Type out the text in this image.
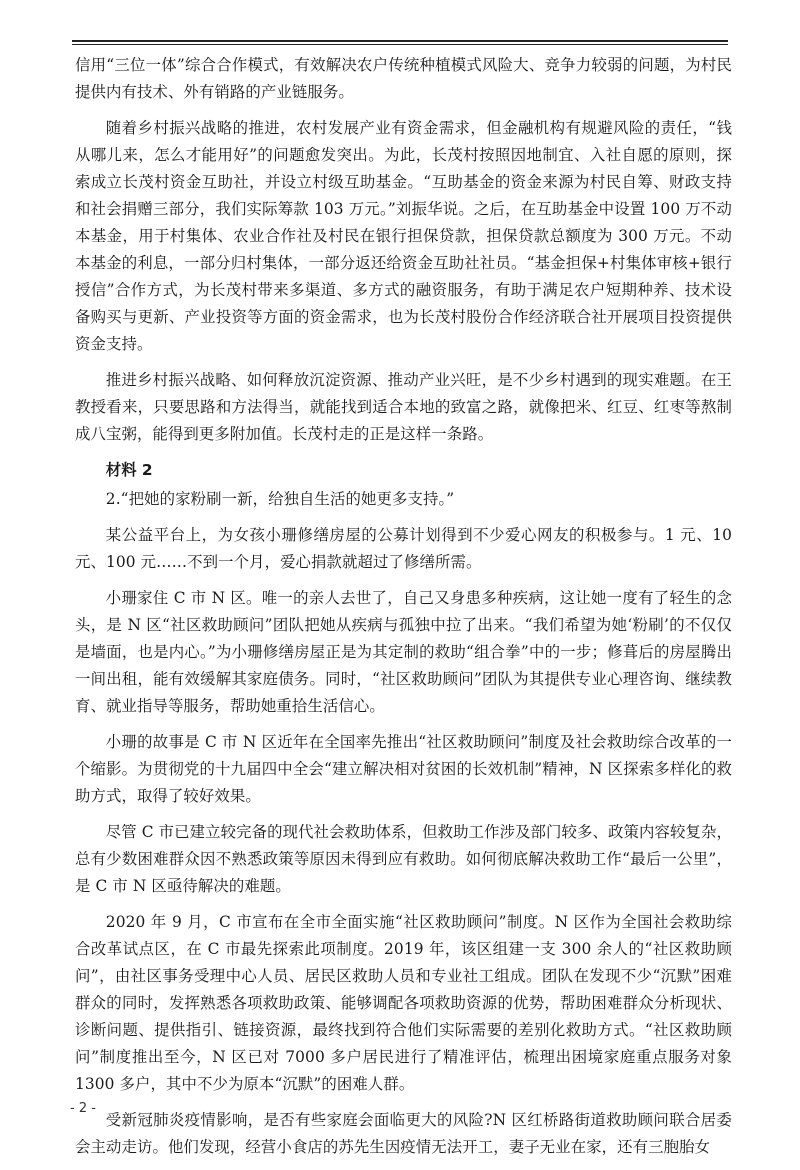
信用“三位一体”综合合作模式，有效解决农户传统种植模式风险大、竞争力较弱的问题，为村民提供内有技术、外有销路的产业链服务。

随着乡村振兴战略的推进，农村发展产业有资金需求，但金融机构有规避风险的责任，“钱从哪儿来，怎么才能用好”的问题愈发突出。为此，长茂村按照因地制宜、入社自愿的原则，探索成立长茂村资金互助社，并设立村级互助基金。“互助基金的资金来源为村民自筹、财政支持和社会捐赠三部分，我们实际筹款 103 万元。”刘振华说。之后，在互助基金中设置 100 万不动本基金，用于村集体、农业合作社及村民在银行担保贷款，担保贷款总额度为 300 万元。不动本基金的利息，一部分归村集体，一部分返还给资金互助社社员。“基金担保+村集体审核+银行授信”合作方式，为长茂村带来多渠道、多方式的融资服务，有助于满足农户短期种养、技术设备购买与更新、产业投资等方面的资金需求，也为长茂村股份合作经济联合社开展项目投资提供资金支持。

推进乡村振兴战略、如何释放沉淀资源、推动产业兴旺，是不少乡村遇到的现实难题。在王教授看来，只要思路和方法得当，就能找到适合本地的致富之路，就像把米、红豆、红枣等熬制成八宝粥，能得到更多附加值。长茂村走的正是这样一条路。

材料 2

2.“把她的家粉刷一新，给独自生活的她更多支持。”

某公益平台上，为女孩小珊修缮房屋的公募计划得到不少爱心网友的积极参与。1 元、10 元、100 元……不到一个月，爱心捐款就超过了修缮所需。

小珊家住 C 市 N 区。唯一的亲人去世了，自己又身患多种疾病，这让她一度有了轻生的念头，是 N 区“社区救助顾问”团队把她从疾病与孤独中拉了出来。“我们希望为她‘粉刷’的不仅仅是墙面，也是内心。”为小珊修缮房屋正是为其定制的救助“组合拳”中的一步；修葺后的房屋腾出一间出租，能有效缓解其家庭债务。同时，“社区救助顾问”团队为其提供专业心理咨询、继续教育、就业指导等服务，帮助她重拾生活信心。

小珊的故事是 C 市 N 区近年在全国率先推出“社区救助顾问”制度及社会救助综合改革的一个缩影。为贯彻党的十九届四中全会“建立解决相对贫困的长效机制”精神，N 区探索多样化的救助方式，取得了较好效果。

尽管 C 市已建立较完备的现代社会救助体系，但救助工作涉及部门较多、政策内容较复杂，总有少数困难群众因不熟悉政策等原因未得到应有救助。如何彻底解决救助工作“最后一公里”，是 C 市 N 区亟待解决的难题。

2020 年 9 月，C 市宣布在全市全面实施“社区救助顾问”制度。N 区作为全国社会救助综合改革试点区，在 C 市最先探索此项制度。2019 年，该区组建一支 300 余人的“社区救助顾问”，由社区事务受理中心人员、居民区救助人员和专业社工组成。团队在发现不少“沉默”困难群众的同时，发挥熟悉各项救助政策、能够调配各项救助资源的优势，帮助困难群众分析现状、诊断问题、提供指引、链接资源，最终找到符合他们实际需要的差别化救助方式。“社区救助顾问”制度推出至今，N 区已对 7000 多户居民进行了精准评估，梳理出困境家庭重点服务对象 1300 多户，其中不少为原本“沉默”的困难人群。

受新冠肺炎疫情影响，是否有些家庭会面临更大的风险?N 区红桥路街道救助顾问联合居委会主动走访。他们发现，经营小食店的苏先生因疫情无法开工，妻子无业在家，还有三胞胎女

- 2 -
